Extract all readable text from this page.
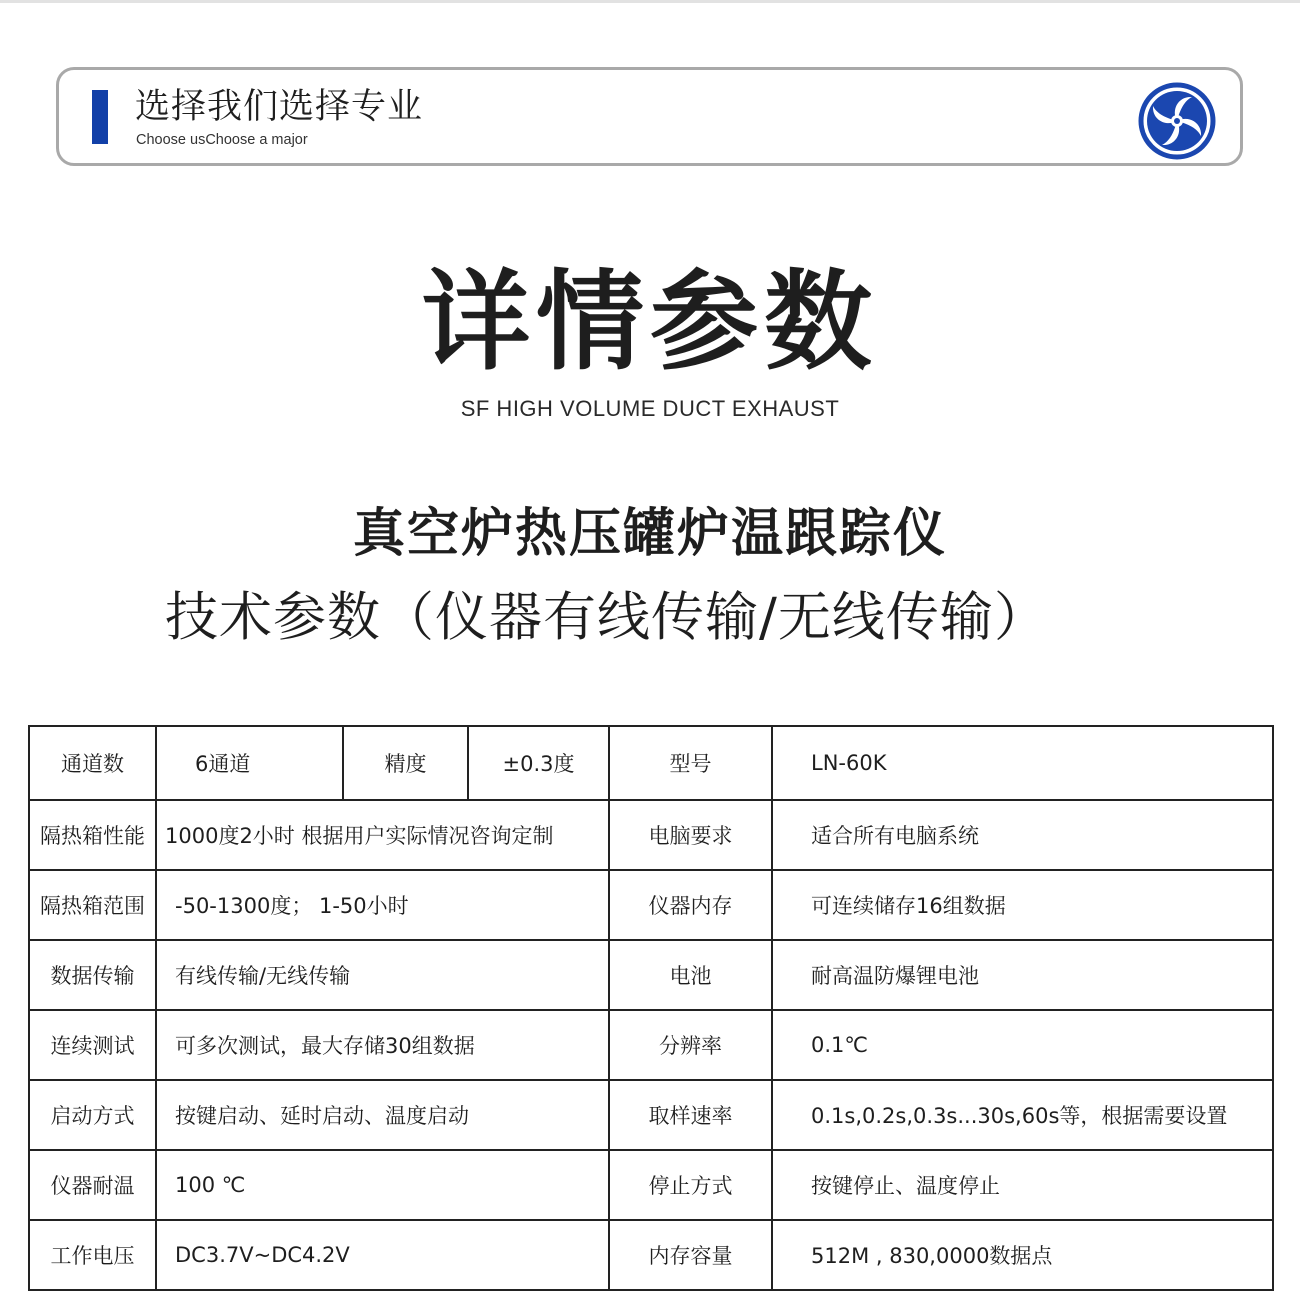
选择我们选择专业
Choose usChoose a major
详情参数
SF HIGH VOLUME DUCT EXHAUST
真空炉热压罐炉温跟踪仪
技术参数（仪器有线传输/无线传输）
通道数	6通道	精度	±0.3度	型号	LN-60K
隔热箱性能	1000度2小时 根据用户实际情况咨询定制			电脑要求	适合所有电脑系统
隔热箱范围	-50-1300度； 1-50小时			仪器内存	可连续储存16组数据
数据传输	有线传输/无线传输			电池	耐高温防爆锂电池
连续测试	可多次测试，最大存储30组数据			分辨率	0.1℃
启动方式	按键启动、延时启动、温度启动			取样速率	0.1s,0.2s,0.3s...30s,60s等，根据需要设置
仪器耐温	100 ℃			停止方式	按键停止、温度停止
工作电压	DC3.7V~DC4.2V			内存容量	512M , 830,0000数据点
